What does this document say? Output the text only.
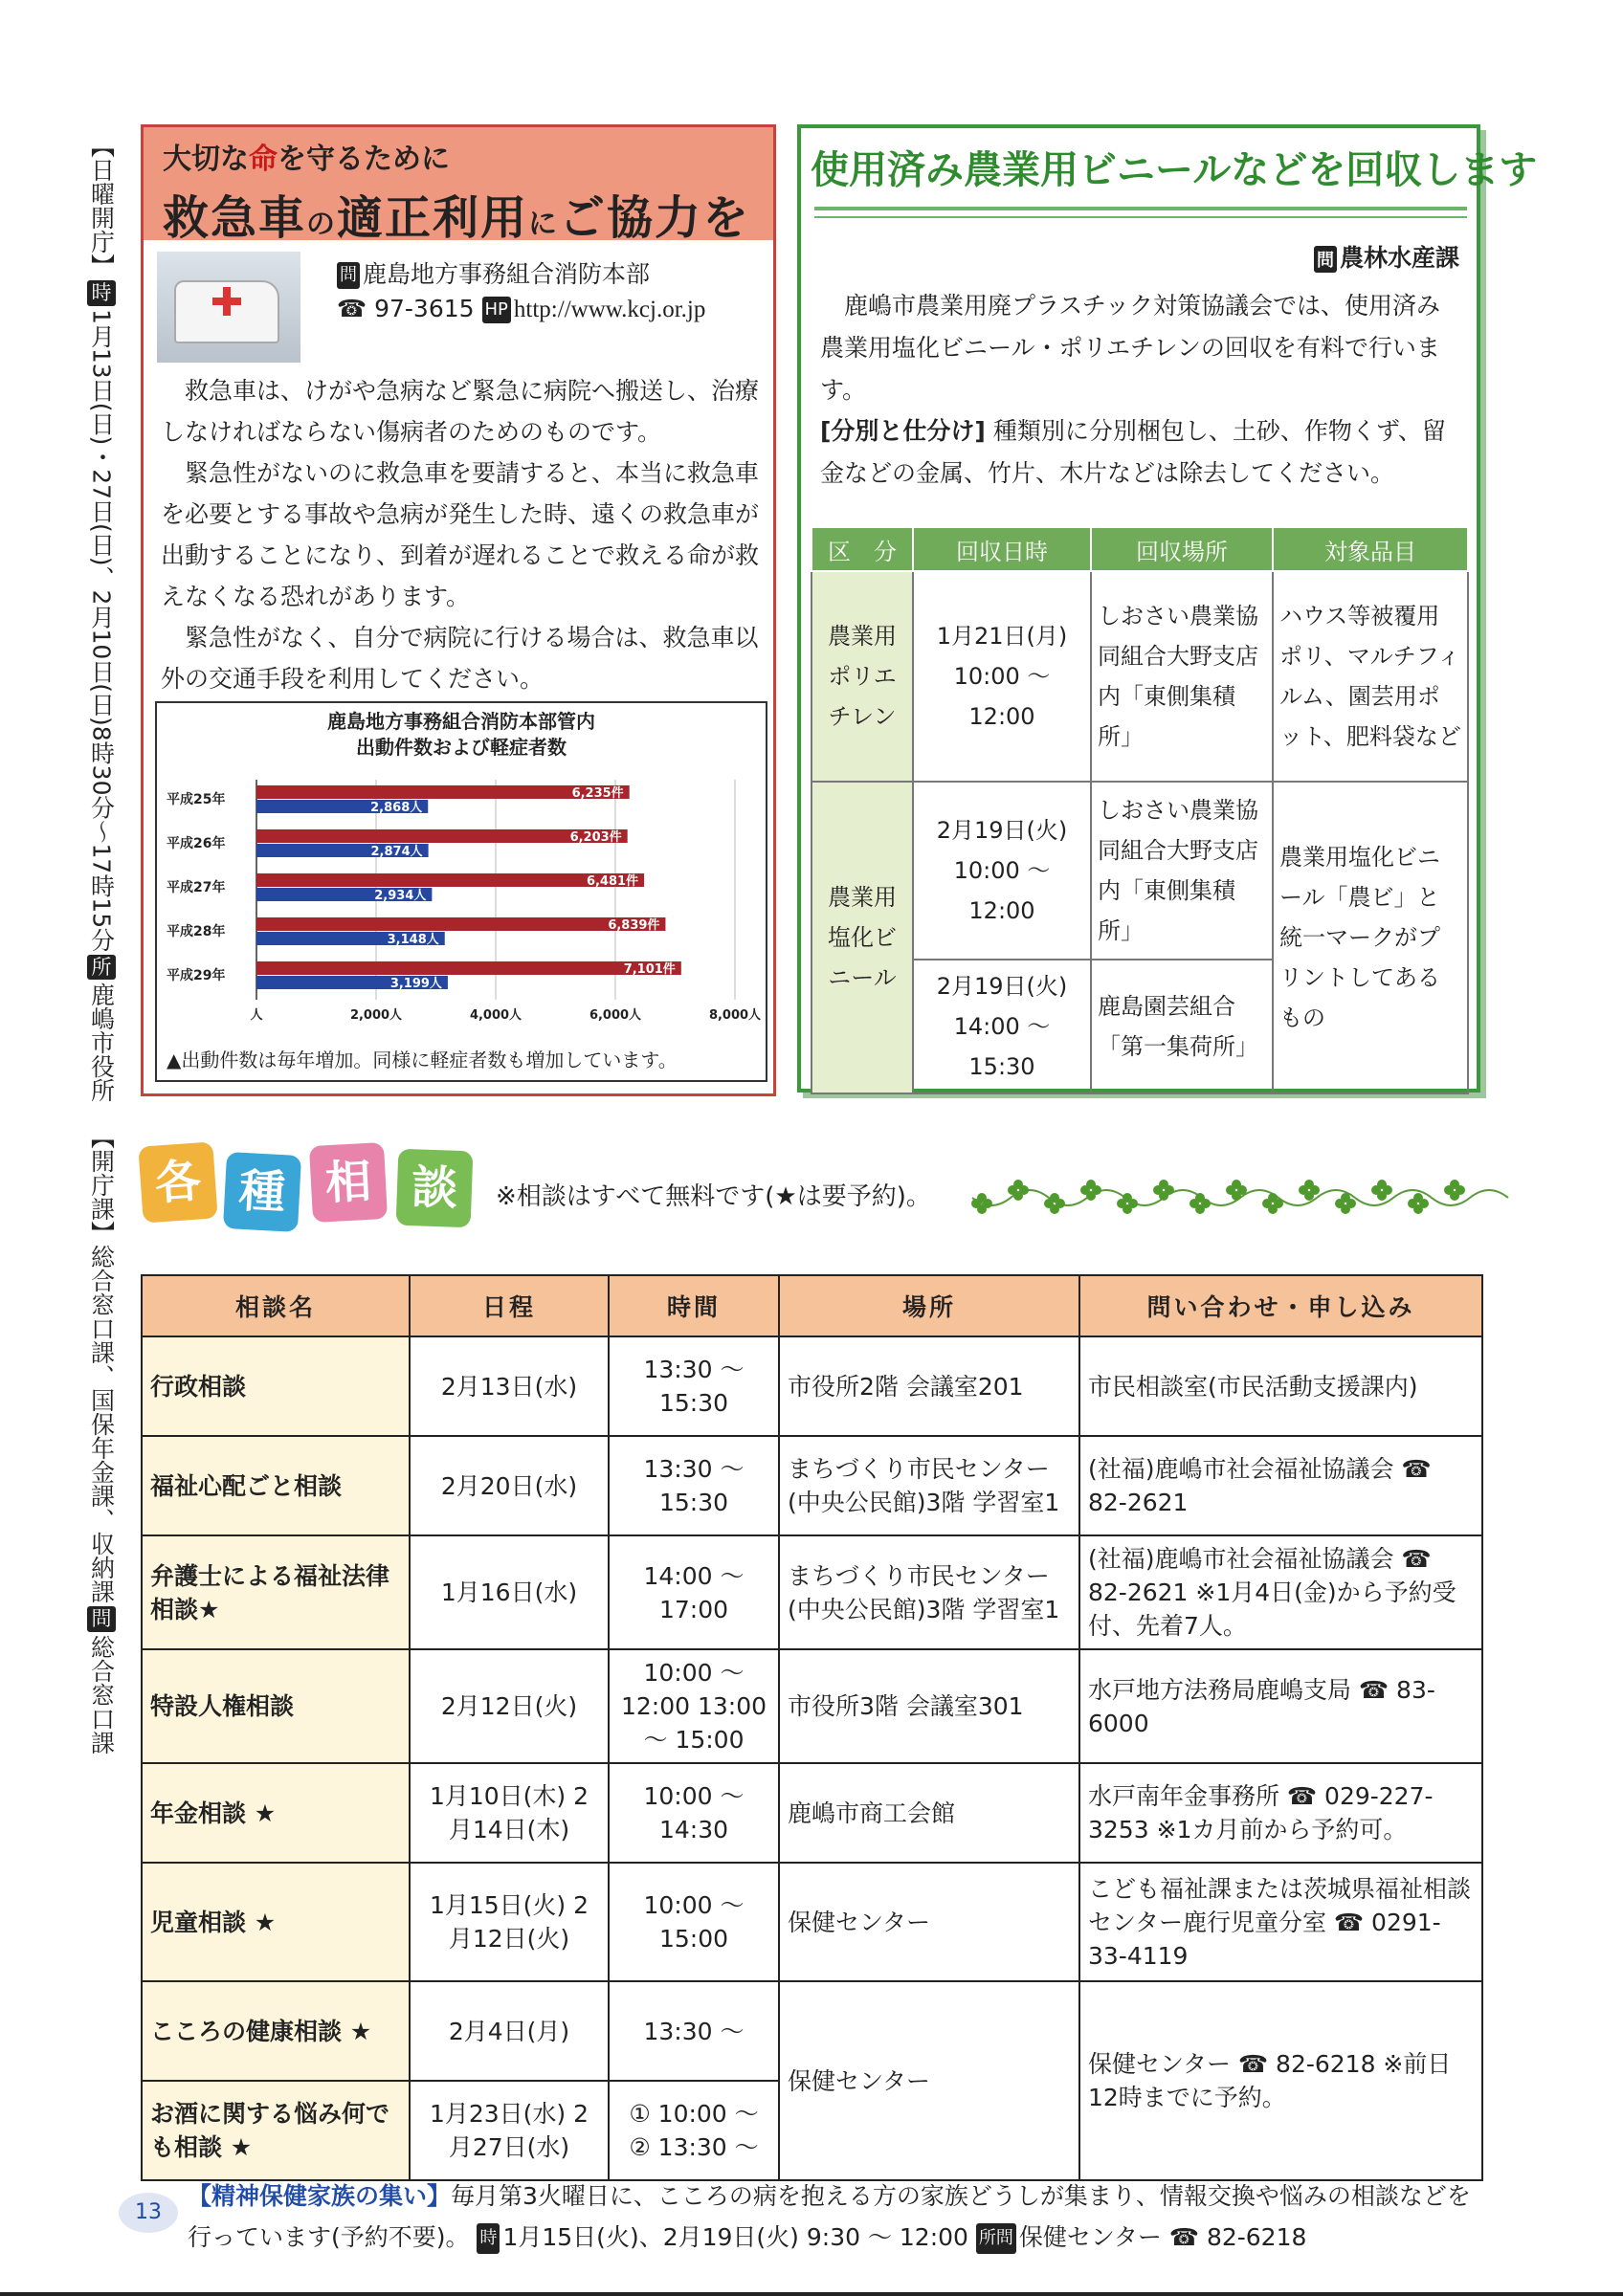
【日曜開庁】
時
1月13日(日)・27日(日)、2月10日(日)8時30分〜17時15分
所
鹿嶋市役所
【開庁課】
総合窓口課、国保年金課、収納課
問
総合窓口課
大切な命を守るために
救急車の適正利用にご協力を
問 鹿島地方事務組合消防本部
☎ 97-3615 HP http://www.kcj.or.jp

救急車は、けがや急病など緊急に病院へ搬送し、治療しなければならない傷病者のためのものです。

緊急性がないのに救急車を要請すると、本当に救急車を必要とする事故や急病が発生した時、遠くの救急車が出動することになり、到着が遅れることで救える命が救えなくなる恐れがあります。

緊急性がなく、自分で病院に行ける場合は、救急車以外の交通手段を利用してください。

鹿島地方事務組合消防本部管内
出動件数および軽症者数
平成25年	6,235件
2,868人
平成26年	6,203件
2,874人
平成27年	6,481件
2,934人
平成28年	6,839件
3,148人
平成29年	7,101件
3,199人
人	2,000人	4,000人	6,000人	8,000人
▲出動件数は毎年増加。同様に軽症者数も増加しています。
使用済み農業用ビニールなどを回収します
問 農林水産課

鹿嶋市農業用廃プラスチック対策協議会では、使用済み農業用塩化ビニール・ポリエチレンの回収を有料で行います。

[分別と仕分け] 種類別に分別梱包し、土砂、作物くず、留金などの金属、竹片、木片などは除去してください。

区　分	回収日時	回収場所	対象品目
農業用ポリエチレン	1月21日(月)
10:00 〜 12:00	しおさい農業協同組合大野支店内「東側集積所」	ハウス等被覆用ポリ、マルチフィルム、園芸用ポット、肥料袋など
農業用塩化ビニール	2月19日(火)
10:00 〜 12:00	しおさい農業協同組合大野支店内「東側集積所」	農業用塩化ビニール「農ビ」と統一マークがプリントしてあるもの

	2月19日(火)
14:00 〜 15:30	鹿島園芸組合「第一集荷所」	
各 種 相 談	※相談はすべて無料です(★は要予約)。
相談名	日程	時間	場所	問い合わせ・申し込み
行政相談	2月13日(水)	13:30 〜 15:30	市役所2階 会議室201	市民相談室(市民活動支援課内)
福祉心配ごと相談	2月20日(水)	13:30 〜 15:30	まちづくり市民センター(中央公民館)3階 学習室1	(社福)鹿嶋市社会福祉協議会 ☎ 82-2621
弁護士による福祉法律相談★	1月16日(水)	14:00 〜 17:00	まちづくり市民センター(中央公民館)3階 学習室1	(社福)鹿嶋市社会福祉協議会 ☎ 82-2621 ※1月4日(金)から予約受付、先着7人。
特設人権相談	2月12日(火)	10:00 〜 12:00 13:00 〜 15:00	市役所3階 会議室301	水戸地方法務局鹿嶋支局 ☎ 83-6000
年金相談 ★	1月10日(木) 2月14日(木)	10:00 〜 14:30	鹿嶋市商工会館	水戸南年金事務所 ☎ 029-227-3253 ※1カ月前から予約可。
児童相談 ★	1月15日(火) 2月12日(火)	10:00 〜 15:00	保健センター	こども福祉課または茨城県福祉相談センター鹿行児童分室 ☎ 0291-33-4119
こころの健康相談 ★	2月4日(月)	13:30 〜	保健センター	保健センター ☎ 82-6218 ※前日12時までに予約。
お酒に関する悩み何でも相談 ★	1月23日(水) 2月27日(水)	① 10:00 〜 ② 13:30 〜		
13
【精神保健家族の集い】毎月第3火曜日に、こころの病を抱える方の家族どうしが集まり、情報交換や悩みの相談などを行っています(予約不要)。 時 1月15日(火)、2月19日(火) 9:30 〜 12:00 所問 保健センター ☎ 82-6218
